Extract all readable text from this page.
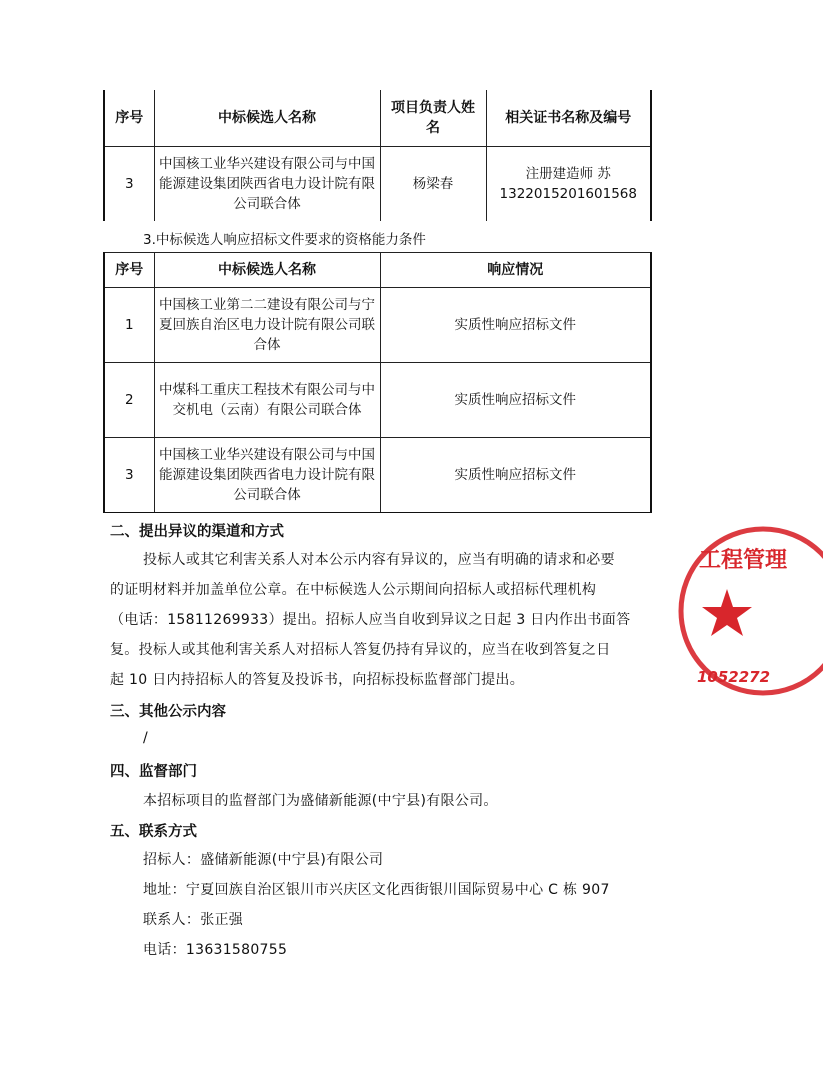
序号	中标候选人名称	项目负责人姓名	相关证书名称及编号
3	中国核工业华兴建设有限公司与中国能源建设集团陕西省电力设计院有限公司联合体	杨梁春	注册建造师 苏 1322015201601568
3.中标候选人响应招标文件要求的资格能力条件
序号	中标候选人名称	响应情况
1	中国核工业第二二建设有限公司与宁夏回族自治区电力设计院有限公司联合体	实质性响应招标文件
2	中煤科工重庆工程技术有限公司与中交机电（云南）有限公司联合体	实质性响应招标文件
3	中国核工业华兴建设有限公司与中国能源建设集团陕西省电力设计院有限公司联合体	实质性响应招标文件
二、提出异议的渠道和方式
投标人或其它利害关系人对本公示内容有异议的，应当有明确的请求和必要
的证明材料并加盖单位公章。在中标候选人公示期间向招标人或招标代理机构
（电话：15811269933）提出。招标人应当自收到异议之日起 3 日内作出书面答
复。投标人或其他利害关系人对招标人答复仍持有异议的，应当在收到答复之日
起 10 日内持招标人的答复及投诉书，向招标投标监督部门提出。
三、其他公示内容
/
四、监督部门
本招标项目的监督部门为盛储新能源(中宁县)有限公司。
五、联系方式
招标人：盛储新能源(中宁县)有限公司
地址：宁夏回族自治区银川市兴庆区文化西街银川国际贸易中心 C 栋 907
联系人：张正强
电话：13631580755
工程管理
1052272
